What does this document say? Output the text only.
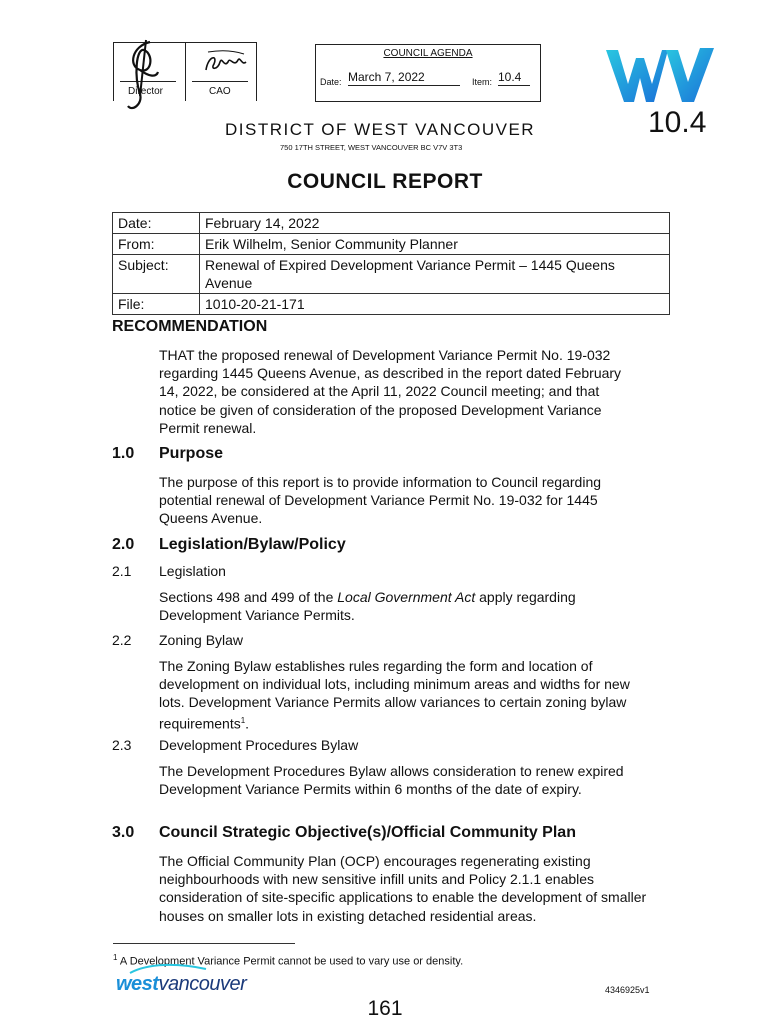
Director	CAO
COUNCIL AGENDA
Date: March 7, 2022	Item: 10.4
DISTRICT OF WEST VANCOUVER
750 17TH STREET, WEST VANCOUVER BC V7V 3T3
10.4
COUNCIL REPORT
Date:	February 14, 2022
From:	Erik Wilhelm, Senior Community Planner
Subject:	Renewal of Expired Development Variance Permit – 1445 Queens Avenue
File:	1010-20-21-171
RECOMMENDATION
THAT the proposed renewal of Development Variance Permit No. 19-032 regarding 1445 Queens Avenue, as described in the report dated February 14, 2022, be considered at the April 11, 2022 Council meeting; and that notice be given of consideration of the proposed Development Variance Permit renewal.
1.0 Purpose
The purpose of this report is to provide information to Council regarding potential renewal of Development Variance Permit No. 19-032 for 1445 Queens Avenue.
2.0 Legislation/Bylaw/Policy
2.1 Legislation
Sections 498 and 499 of the Local Government Act apply regarding Development Variance Permits.
2.2 Zoning Bylaw
The Zoning Bylaw establishes rules regarding the form and location of development on individual lots, including minimum areas and widths for new lots. Development Variance Permits allow variances to certain zoning bylaw requirements$^1$.
2.3 Development Procedures Bylaw
The Development Procedures Bylaw allows consideration to renew expired Development Variance Permits within 6 months of the date of expiry.
3.0 Council Strategic Objective(s)/Official Community Plan
The Official Community Plan (OCP) encourages regenerating existing neighbourhoods with new sensitive infill units and Policy 2.1.1 enables consideration of site-specific applications to enable the development of smaller houses on smaller lots in existing detached residential areas.
$^1$ A Development Variance Permit cannot be used to vary use or density.
westvancouver	4346925v1
161
